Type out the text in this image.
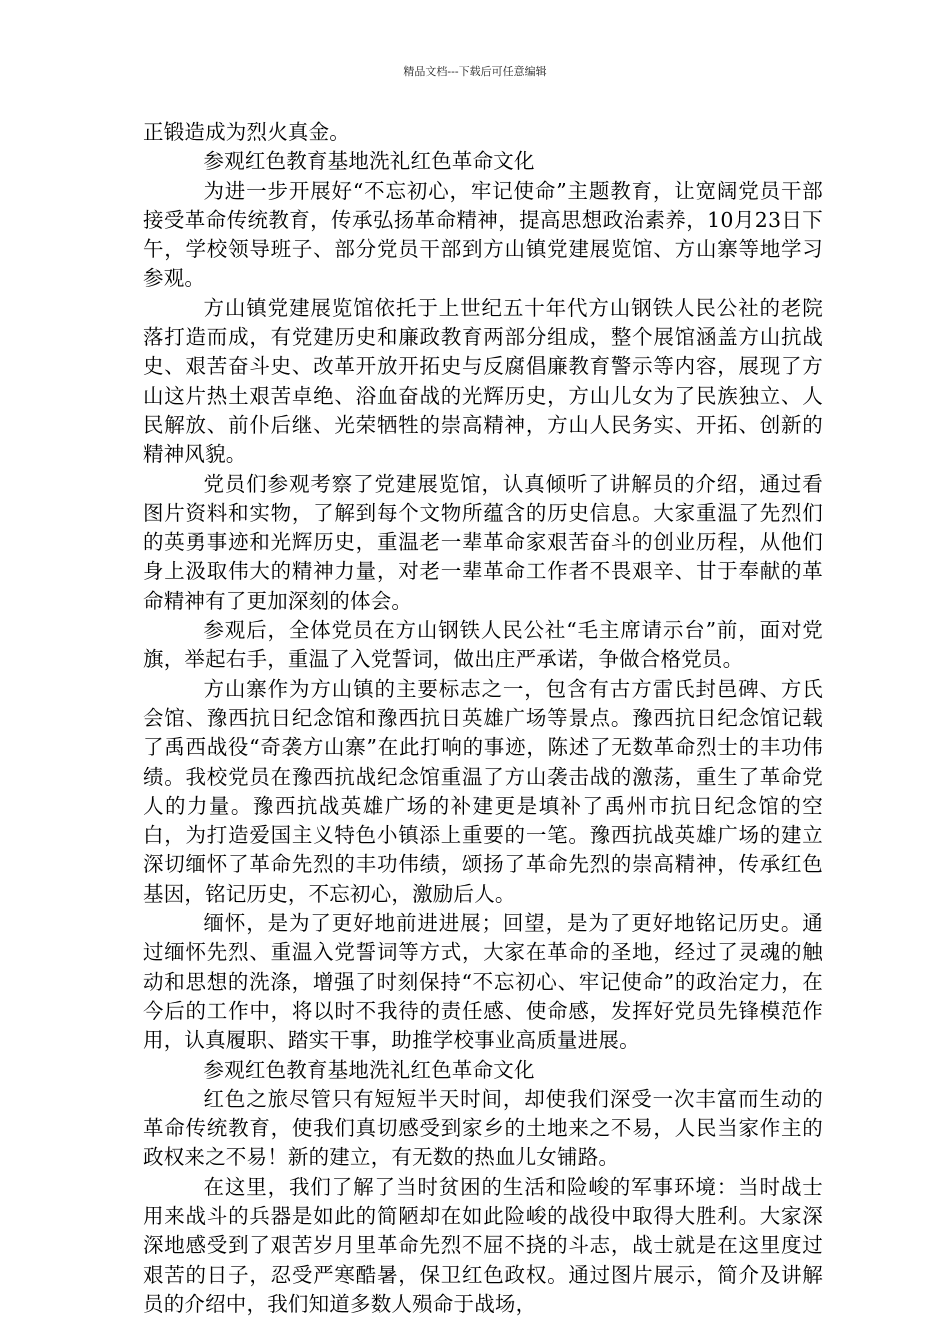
精品文档---下载后可任意编辑

正锻造成为烈火真金。

参观红色教育基地洗礼红色革命文化

为进一步开展好“不忘初心，牢记使命”主题教育，让宽阔党员干部接受革命传统教育，传承弘扬革命精神，提高思想政治素养，10月23日下午，学校领导班子、部分党员干部到方山镇党建展览馆、方山寨等地学习参观。

方山镇党建展览馆依托于上世纪五十年代方山钢铁人民公社的老院落打造而成，有党建历史和廉政教育两部分组成，整个展馆涵盖方山抗战史、艰苦奋斗史、改革开放开拓史与反腐倡廉教育警示等内容，展现了方山这片热土艰苦卓绝、浴血奋战的光辉历史，方山儿女为了民族独立、人民解放、前仆后继、光荣牺牲的崇高精神，方山人民务实、开拓、创新的精神风貌。

党员们参观考察了党建展览馆，认真倾听了讲解员的介绍，通过看图片资料和实物，了解到每个文物所蕴含的历史信息。大家重温了先烈们的英勇事迹和光辉历史，重温老一辈革命家艰苦奋斗的创业历程，从他们身上汲取伟大的精神力量，对老一辈革命工作者不畏艰辛、甘于奉献的革命精神有了更加深刻的体会。

参观后，全体党员在方山钢铁人民公社“毛主席请示台”前，面对党旗，举起右手，重温了入党誓词，做出庄严承诺，争做合格党员。

方山寨作为方山镇的主要标志之一，包含有古方雷氏封邑碑、方氏会馆、豫西抗日纪念馆和豫西抗日英雄广场等景点。豫西抗日纪念馆记载了禹西战役“奇袭方山寨”在此打响的事迹，陈述了无数革命烈士的丰功伟绩。我校党员在豫西抗战纪念馆重温了方山袭击战的激荡，重生了革命党人的力量。豫西抗战英雄广场的补建更是填补了禹州市抗日纪念馆的空白，为打造爱国主义特色小镇添上重要的一笔。豫西抗战英雄广场的建立深切缅怀了革命先烈的丰功伟绩，颂扬了革命先烈的崇高精神，传承红色基因，铭记历史，不忘初心，激励后人。

缅怀，是为了更好地前进进展；回望，是为了更好地铭记历史。通过缅怀先烈、重温入党誓词等方式，大家在革命的圣地，经过了灵魂的触动和思想的洗涤，增强了时刻保持“不忘初心、牢记使命”的政治定力，在今后的工作中，将以时不我待的责任感、使命感，发挥好党员先锋模范作用，认真履职、踏实干事，助推学校事业高质量进展。

参观红色教育基地洗礼红色革命文化

红色之旅尽管只有短短半天时间，却使我们深受一次丰富而生动的革命传统教育，使我们真切感受到家乡的土地来之不易，人民当家作主的政权来之不易！新的建立，有无数的热血儿女铺路。

在这里，我们了解了当时贫困的生活和险峻的军事环境：当时战士用来战斗的兵器是如此的简陋却在如此险峻的战役中取得大胜利。大家深深地感受到了艰苦岁月里革命先烈不屈不挠的斗志，战士就是在这里度过艰苦的日子，忍受严寒酷暑，保卫红色政权。通过图片展示，简介及讲解员的介绍中，我们知道多数人殒命于战场，
